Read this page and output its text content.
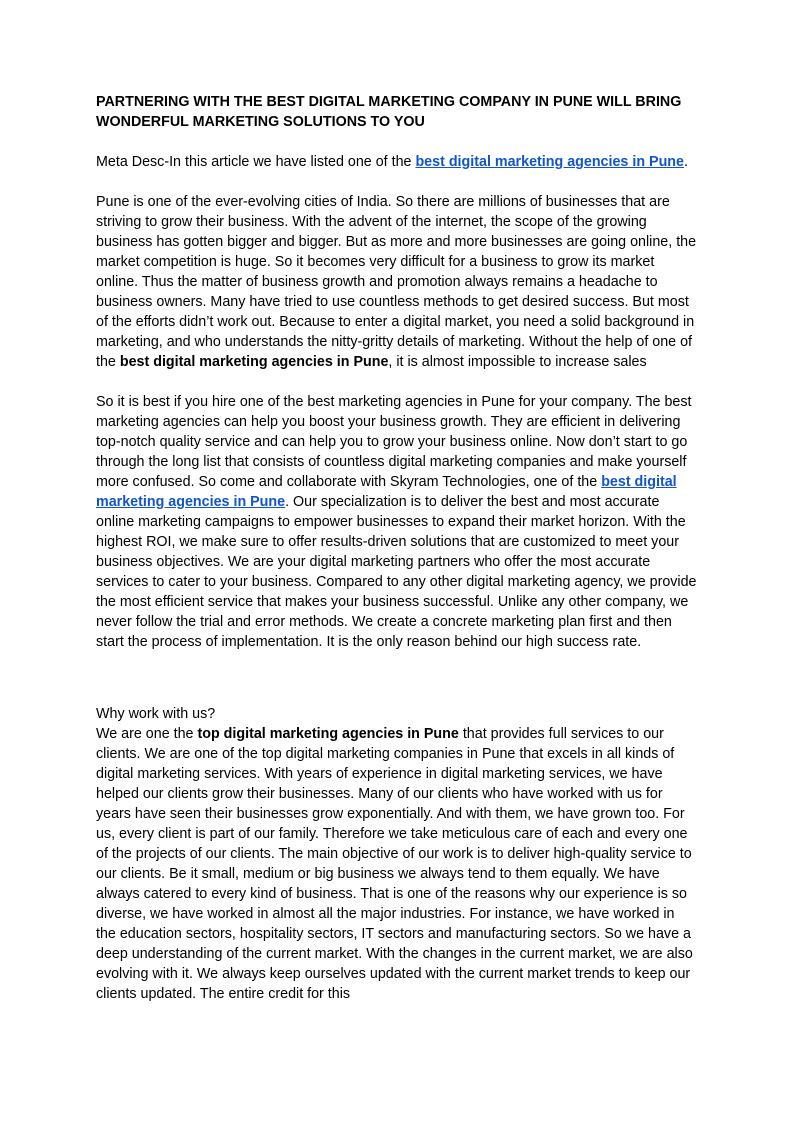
PARTNERING WITH THE BEST DIGITAL MARKETING COMPANY IN PUNE WILL BRING WONDERFUL MARKETING SOLUTIONS TO YOU

Meta Desc-In this article we have listed one of the best digital marketing agencies in Pune.

Pune is one of the ever-evolving cities of India. So there are millions of businesses that are striving to grow their business. With the advent of the internet, the scope of the growing business has gotten bigger and bigger. But as more and more businesses are going online, the market competition is huge. So it becomes very difficult for a business to grow its market online. Thus the matter of business growth and promotion always remains a headache to business owners. Many have tried to use countless methods to get desired success. But most of the efforts didn’t work out. Because to enter a digital market, you need a solid background in marketing, and who understands the nitty-gritty details of marketing. Without the help of one of the best digital marketing agencies in Pune, it is almost impossible to increase sales

So it is best if you hire one of the best marketing agencies in Pune for your company. The best marketing agencies can help you boost your business growth. They are efficient in delivering top-notch quality service and can help you to grow your business online. Now don’t start to go through the long list that consists of countless digital marketing companies and make yourself more confused. So come and collaborate with Skyram Technologies, one of the best digital marketing agencies in Pune. Our specialization is to deliver the best and most accurate online marketing campaigns to empower businesses to expand their market horizon. With the highest ROI, we make sure to offer results-driven solutions that are customized to meet your business objectives. We are your digital marketing partners who offer the most accurate services to cater to your business. Compared to any other digital marketing agency, we provide the most efficient service that makes your business successful. Unlike any other company, we never follow the trial and error methods. We create a concrete marketing plan first and then start the process of implementation. It is the only reason behind our high success rate.

Why work with us?

We are one the top digital marketing agencies in Pune that provides full services to our clients. We are one of the top digital marketing companies in Pune that excels in all kinds of digital marketing services. With years of experience in digital marketing services, we have helped our clients grow their businesses. Many of our clients who have worked with us for years have seen their businesses grow exponentially. And with them, we have grown too. For us, every client is part of our family. Therefore we take meticulous care of each and every one of the projects of our clients. The main objective of our work is to deliver high-quality service to our clients. Be it small, medium or big business we always tend to them equally. We have always catered to every kind of business. That is one of the reasons why our experience is so diverse, we have worked in almost all the major industries. For instance, we have worked in the education sectors, hospitality sectors, IT sectors and manufacturing sectors. So we have a deep understanding of the current market. With the changes in the current market, we are also evolving with it. We always keep ourselves updated with the current market trends to keep our clients updated. The entire credit for this
